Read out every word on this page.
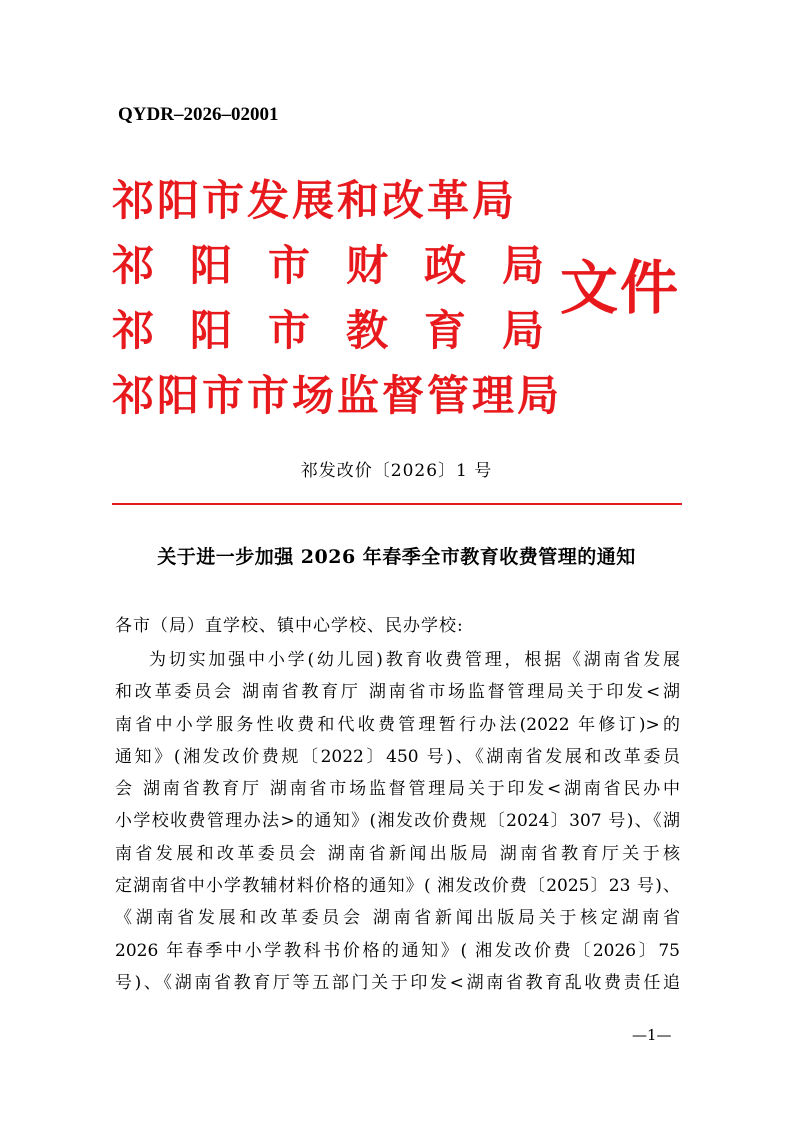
QYDR–2026–02001
祁阳市发展和改革局
祁阳市财政局
祁阳市教育局
祁阳市市场监督管理局
文件
祁发改价〔2026〕1 号
关于进一步加强 2026 年春季全市教育收费管理的通知
各市（局）直学校、镇中心学校、民办学校:
为切实加强中小学(幼儿园)教育收费管理，根据《湖南省发展
和改革委员会 湖南省教育厅 湖南省市场监督管理局关于印发<湖
南省中小学服务性收费和代收费管理暂行办法(2022 年修订)>的
通知》(湘发改价费规〔2022〕450 号)、《湖南省发展和改革委员
会 湖南省教育厅 湖南省市场监督管理局关于印发<湖南省民办中
小学校收费管理办法>的通知》(湘发改价费规〔2024〕307 号)、《湖
南省发展和改革委员会 湖南省新闻出版局 湖南省教育厅关于核
定湖南省中小学教辅材料价格的通知》( 湘发改价费〔2025〕23 号)、
《湖南省发展和改革委员会 湖南省新闻出版局关于核定湖南省
2026 年春季中小学教科书价格的通知》( 湘发改价费〔2026〕75
号)、《湖南省教育厅等五部门关于印发<湖南省教育乱收费责任追
—1—
